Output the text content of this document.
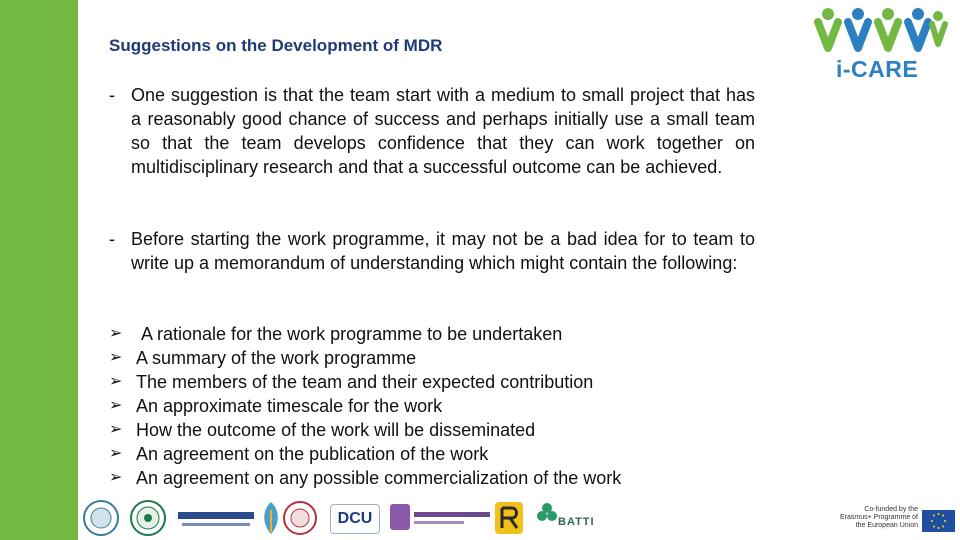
i-CARE
Suggestions on the Development of MDR
- One suggestion is that the team start with a medium to small project that has a reasonably good chance of success and perhaps initially use a small team so that the team develops confidence that they can work together on multidisciplinary research and that a successful outcome can be achieved.
- Before starting the work programme, it may not be a bad idea for to team to write up a memorandum of understanding which might contain the following:
➢	A rationale for the work programme to be undertaken
➢ A summary of the work programme
➢ The members of the team and their expected contribution
➢ An approximate timescale for the work
➢ How the outcome of the work will be disseminated
➢ An agreement on the publication of the work
➢ An agreement on any possible commercialization of the work
DCU	BATTI
Co-funded by the Erasmus+ Programme of the European Union
